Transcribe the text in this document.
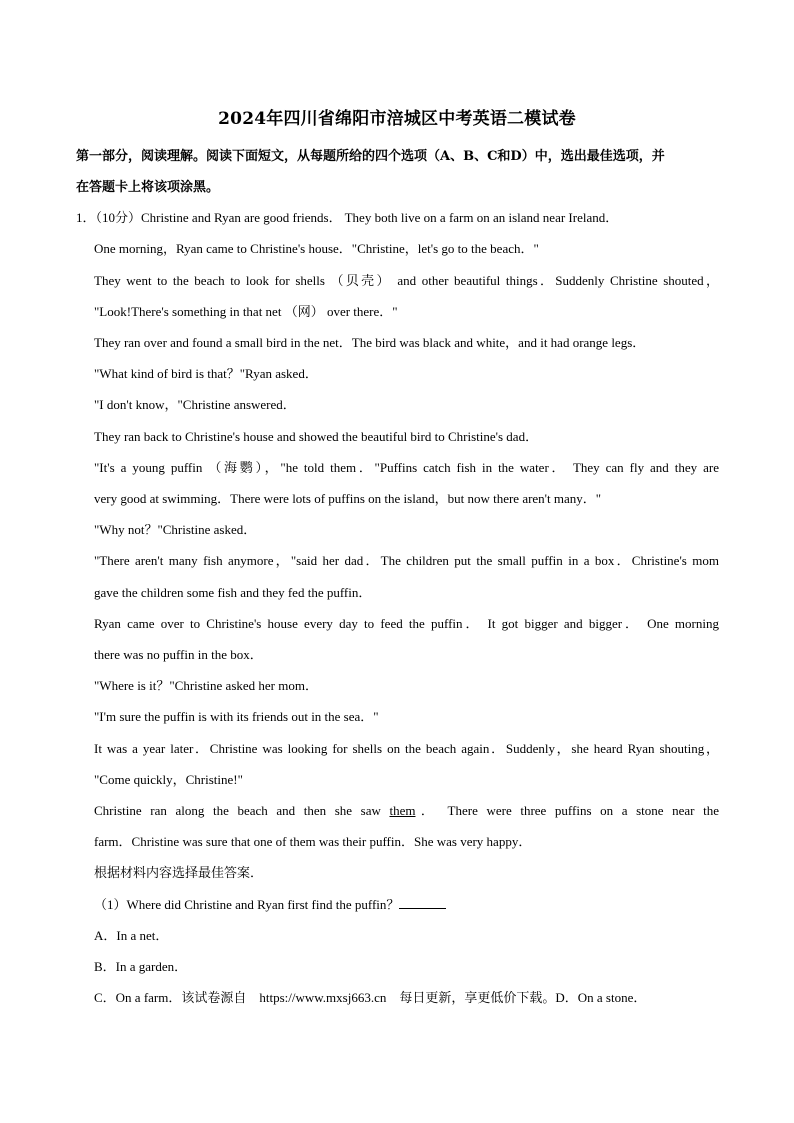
2024年四川省绵阳市涪城区中考英语二模试卷
第一部分，阅读理解。阅读下面短文，从每题所给的四个选项（A、B、C和D）中，选出最佳选项，并
在答题卡上将该项涂黑。
1．（10分）Christine and Ryan are good friends． They both live on a farm on an island near Ireland．
One morning，Ryan came to Christine's house．"Christine，let's go to the beach．"
They went to the beach to look for shells （贝壳） and other beautiful things．Suddenly Christine shouted，
"Look!There's something in that net （网） over there．"
They ran over and found a small bird in the net．The bird was black and white，and it had orange legs．
"What kind of bird is that？"Ryan asked．
"I don't know，"Christine answered．
They ran back to Christine's house and showed the beautiful bird to Christine's dad．
"It's a young puffin （海鹦），"he told them．"Puffins catch fish in the water． They can fly and they are
very good at swimming．There were lots of puffins on the island，but now there aren't many．"
"Why not？"Christine asked．
"There aren't many fish anymore，"said her dad．The children put the small puffin in a box．Christine's mom
gave the children some fish and they fed the puffin．
Ryan came over to Christine's house every day to feed the puffin． It got bigger and bigger． One morning
there was no puffin in the box．
"Where is it？"Christine asked her mom．
"I'm sure the puffin is with its friends out in the sea．"
It was a year later．Christine was looking for shells on the beach again．Suddenly，she heard Ryan shouting，
"Come quickly，Christine!"
Christine ran along the beach and then she saw them． There were three puffins on a stone near the
farm．Christine was sure that one of them was their puffin．She was very happy．
根据材料内容选择最佳答案．
（1）Where did Christine and Ryan first find the puffin？
A．In a net．
B．In a garden．
C．On a farm．该试卷源自　https://www.mxsj663.cn　每日更新，享更低价下载。D．On a stone．
